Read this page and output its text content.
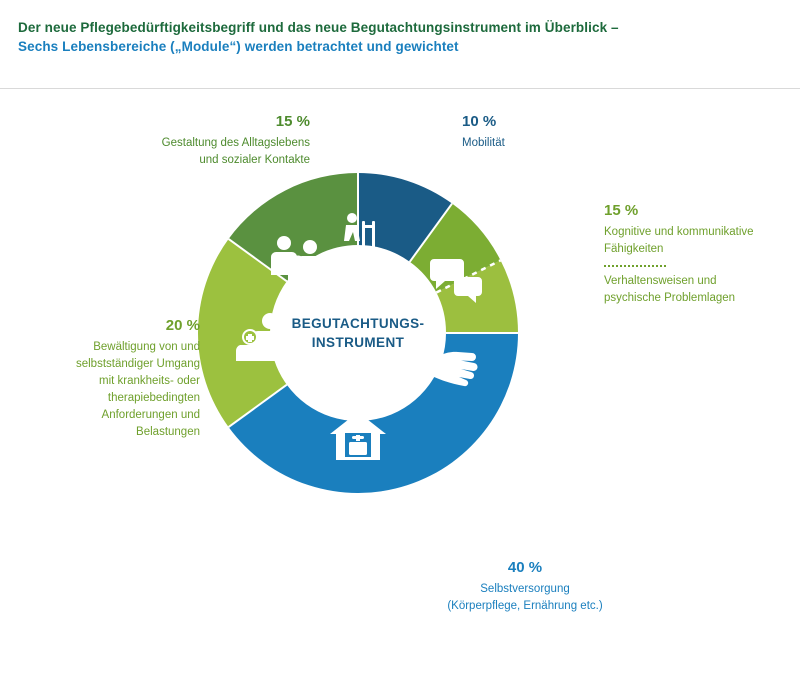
Der neue Pflegebedürftigkeitsbegriff und das neue Begutachtungsinstrument im Überblick –
Sechs Lebensbereiche („Module“) werden betrachtet und gewichtet
BEGUTACHTUNGS-
INSTRUMENT
15 %
Gestaltung des Alltagslebens
und sozialer Kontakte
10 %
Mobilität
15 %
Kognitive und kommunikative
Fähigkeiten
Verhaltensweisen und
psychische Problemlagen
20 %
Bewältigung von und
selbstständiger Umgang
mit krankheits- oder
therapiebedingten
Anforderungen und
Belastungen
40 %
Selbstversorgung
(Körperpflege, Ernährung etc.)
